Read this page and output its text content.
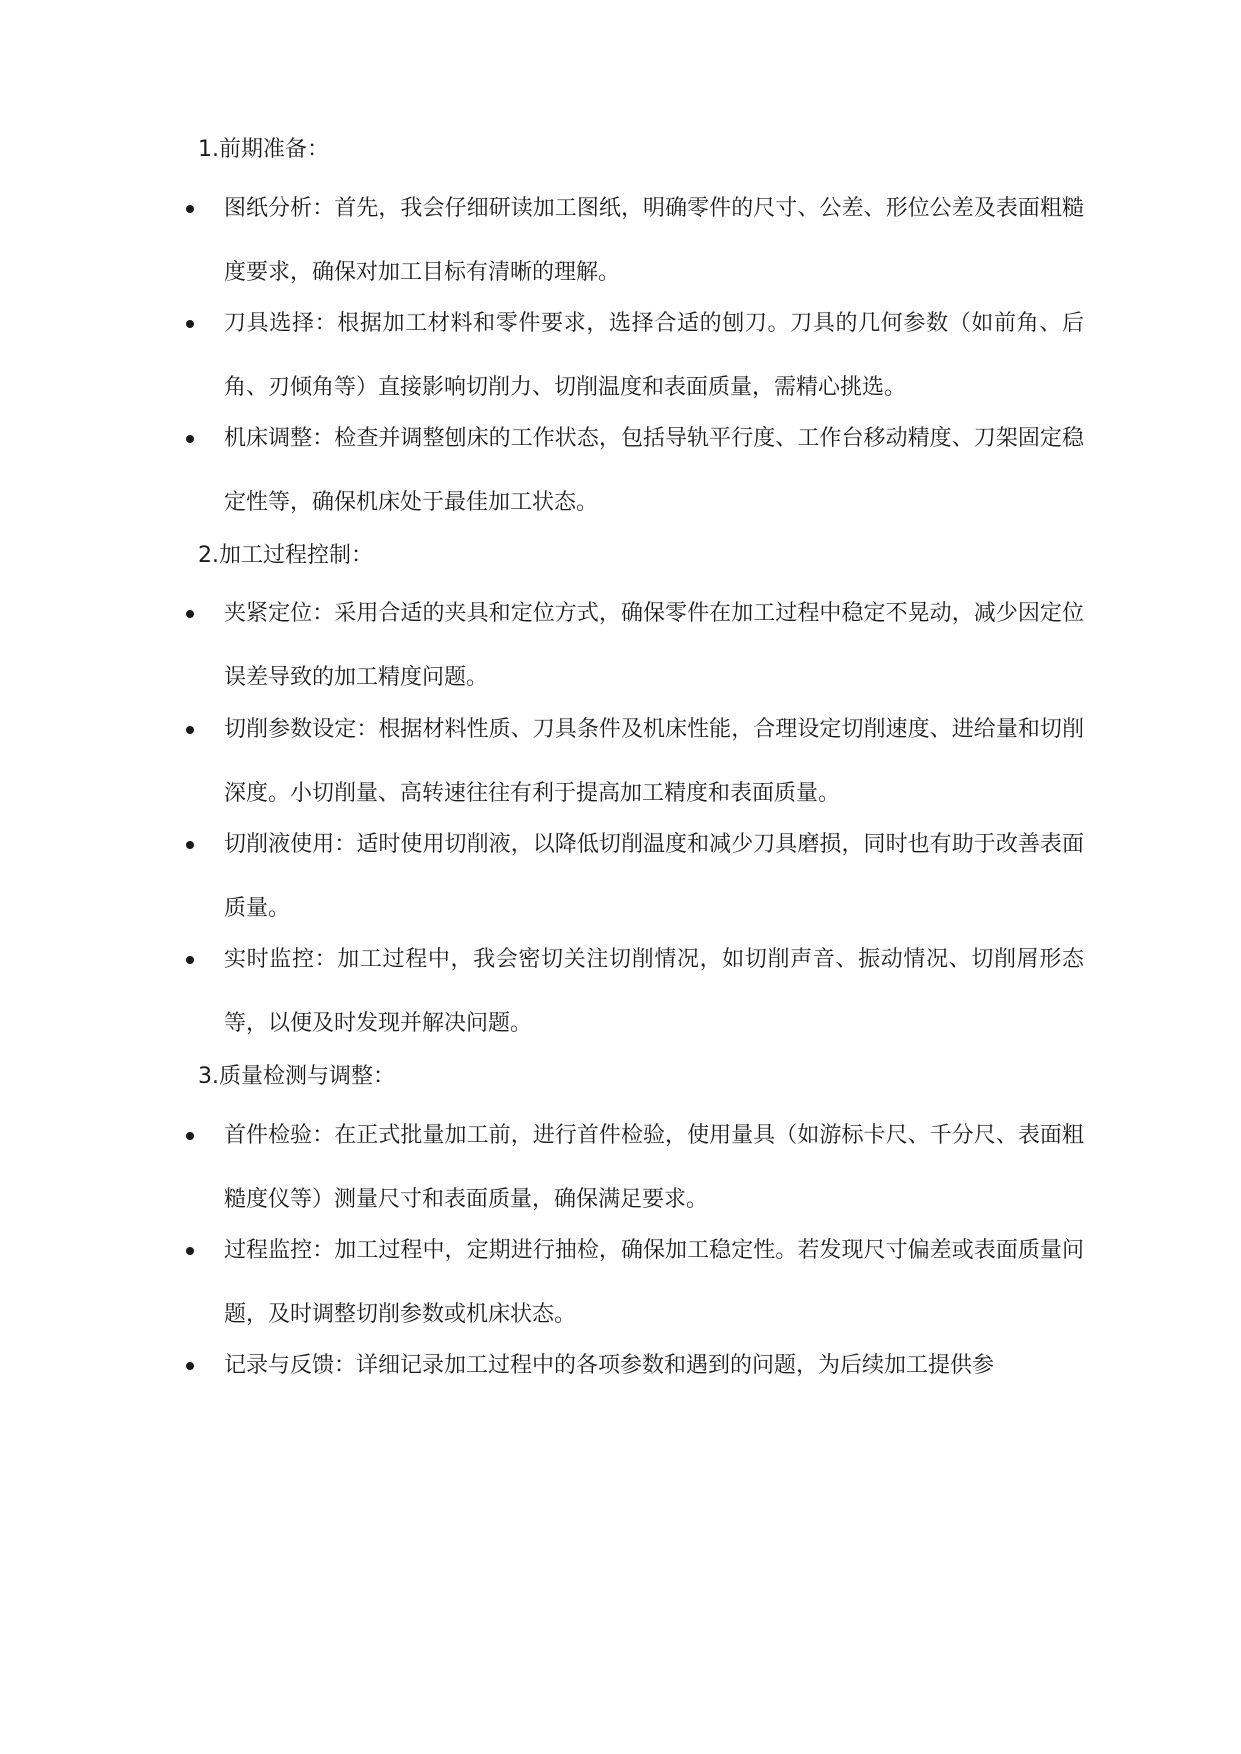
1.前期准备：
图纸分析：首先，我会仔细研读加工图纸，明确零件的尺寸、公差、形位公差及表面粗糙度要求，确保对加工目标有清晰的理解。
刀具选择：根据加工材料和零件要求，选择合适的刨刀。刀具的几何参数（如前角、后角、刃倾角等）直接影响切削力、切削温度和表面质量，需精心挑选。
机床调整：检查并调整刨床的工作状态，包括导轨平行度、工作台移动精度、刀架固定稳定性等，确保机床处于最佳加工状态。
2.加工过程控制：
夹紧定位：采用合适的夹具和定位方式，确保零件在加工过程中稳定不晃动，减少因定位误差导致的加工精度问题。
切削参数设定：根据材料性质、刀具条件及机床性能，合理设定切削速度、进给量和切削深度。小切削量、高转速往往有利于提高加工精度和表面质量。
切削液使用：适时使用切削液，以降低切削温度和减少刀具磨损，同时也有助于改善表面质量。
实时监控：加工过程中，我会密切关注切削情况，如切削声音、振动情况、切削屑形态等，以便及时发现并解决问题。
3.质量检测与调整：
首件检验：在正式批量加工前，进行首件检验，使用量具（如游标卡尺、千分尺、表面粗糙度仪等）测量尺寸和表面质量，确保满足要求。
过程监控：加工过程中，定期进行抽检，确保加工稳定性。若发现尺寸偏差或表面质量问题，及时调整切削参数或机床状态。
记录与反馈：详细记录加工过程中的各项参数和遇到的问题，为后续加工提供参
